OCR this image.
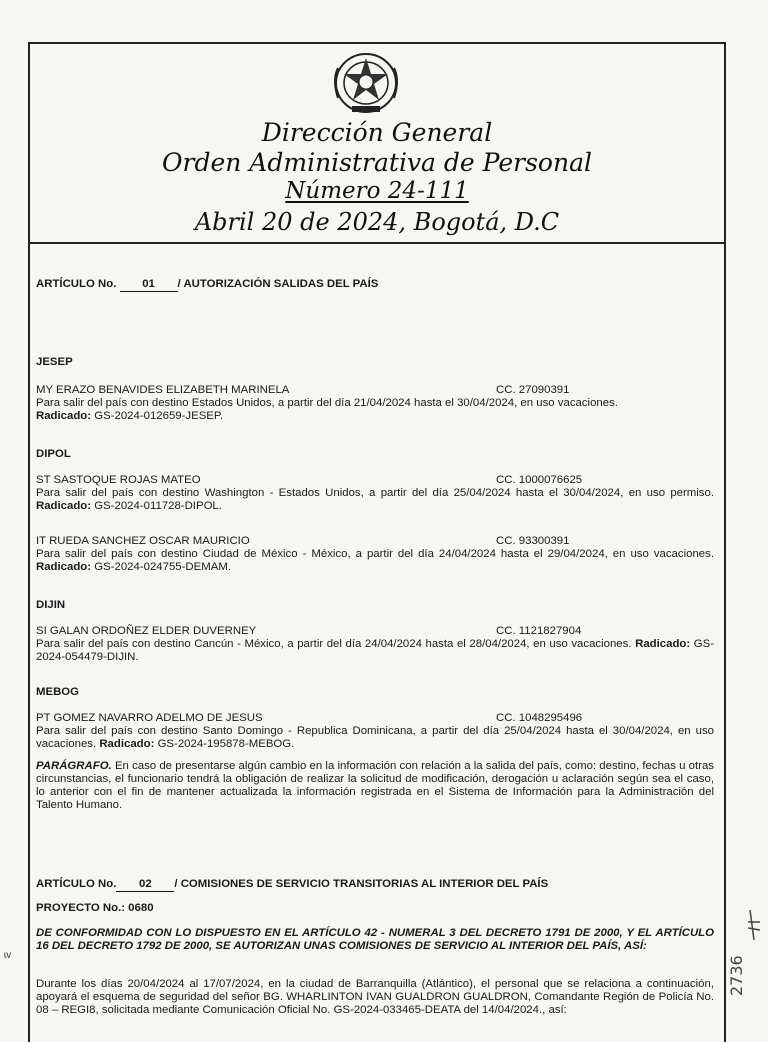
Dirección General
Orden Administrativa de Personal
Número 24-111
Abril 20 de 2024, Bogotá, D.C
ARTÍCULO No. 01 / AUTORIZACIÓN SALIDAS DEL PAÍS
JESEP
MY ERAZO BENAVIDES ELIZABETH MARINELA	CC. 27090391
Para salir del país con destino Estados Unidos, a partir del día 21/04/2024 hasta el 30/04/2024, en uso vacaciones.
Radicado: GS-2024-012659-JESEP.
DIPOL
ST SASTOQUE ROJAS MATEO	CC. 1000076625
Para salir del país con destino Washington - Estados Unidos, a partir del día 25/04/2024 hasta el 30/04/2024, en uso permiso. Radicado: GS-2024-011728-DIPOL.
IT RUEDA SANCHEZ OSCAR MAURICIO	CC. 93300391
Para salir del país con destino Ciudad de México - México, a partir del día 24/04/2024 hasta el 29/04/2024, en uso vacaciones. Radicado: GS-2024-024755-DEMAM.
DIJIN
SI GALAN ORDOÑEZ ELDER DUVERNEY	CC. 1121827904
Para salir del país con destino Cancún - México, a partir del día 24/04/2024 hasta el 28/04/2024, en uso vacaciones. Radicado: GS-2024-054479-DIJIN.
MEBOG
PT GOMEZ NAVARRO ADELMO DE JESUS	CC. 1048295496
Para salir del país con destino Santo Domingo - Republica Dominicana, a partir del día 25/04/2024 hasta el 30/04/2024, en uso vacaciones. Radicado: GS-2024-195878-MEBOG.
PARÁGRAFO. En caso de presentarse algún cambio en la información con relación a la salida del país, como: destino, fechas u otras circunstancias, el funcionario tendrá la obligación de realizar la solicitud de modificación, derogación u aclaración según sea el caso, lo anterior con el fin de mantener actualizada la información registrada en el Sistema de Información para la Administración del Talento Humano.
ARTÍCULO No. 02 / COMISIONES DE SERVICIO TRANSITORIAS AL INTERIOR DEL PAÍS
PROYECTO No.: 0680
DE CONFORMIDAD CON LO DISPUESTO EN EL ARTÍCULO 42 - NUMERAL 3 DEL DECRETO 1791 DE 2000, Y EL ARTÍCULO 16 DEL DECRETO 1792 DE 2000, SE AUTORIZAN UNAS COMISIONES DE SERVICIO AL INTERIOR DEL PAÍS, ASÍ:
Durante los días 20/04/2024 al 17/07/2024, en la ciudad de Barranquilla (Atlántico), el personal que se relaciona a continuación, apoyará el esquema de seguridad del señor BG. WHARLINTON IVAN GUALDRON GUALDRON, Comandante Región de Policía No. 08 – REGI8, solicitada mediante Comunicación Oficial No. GS-2024-033465-DEATA del 14/04/2024., así:
ɩv	2736
